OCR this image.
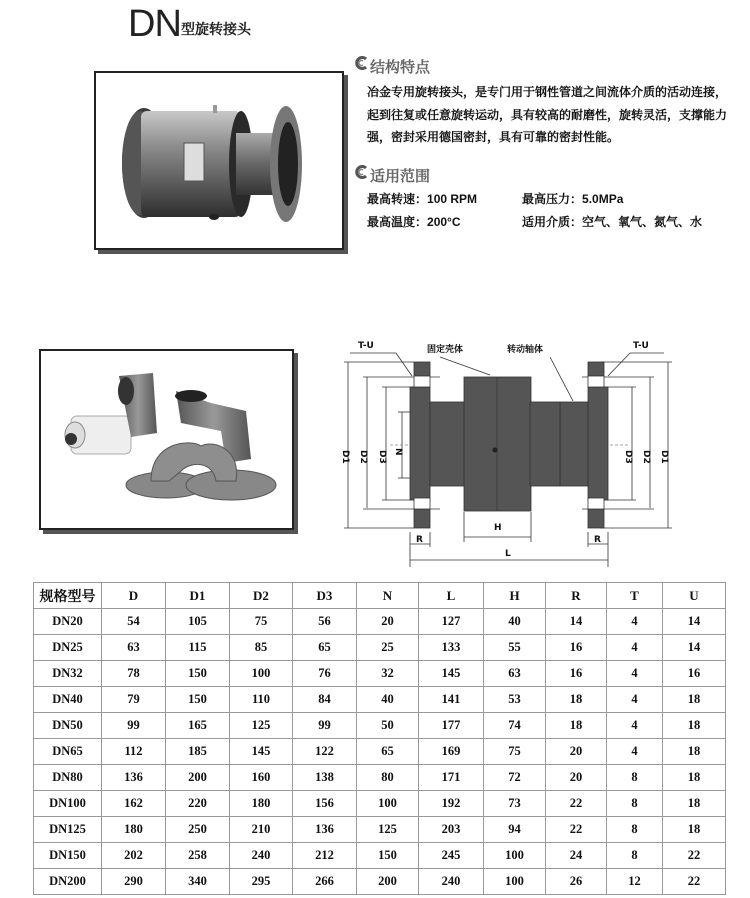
DN 型旋转接头
结构特点
冶金专用旋转接头，是专门用于钢性管道之间流体介质的活动连接，
起到往复或任意旋转运动，具有较高的耐磨性，旋转灵活，支撑能力
强，密封采用德国密封，具有可靠的密封性能。
适用范围
最高转速：100 RPM	最高压力：5.0MPa
最高温度：200°C	适用介质：空气、氧气、氮气、水
T-U	固定壳体	转动轴体	T-U
H
R	R
L
D1 D2 D3 N	D3 D2 D1
规格型号	D	D1	D2	D3	N	L	H	R	T	U
DN20	54	105	75	56	20	127	40	14	4	14
DN25	63	115	85	65	25	133	55	16	4	14
DN32	78	150	100	76	32	145	63	16	4	16
DN40	79	150	110	84	40	141	53	18	4	18
DN50	99	165	125	99	50	177	74	18	4	18
DN65	112	185	145	122	65	169	75	20	4	18
DN80	136	200	160	138	80	171	72	20	8	18
DN100	162	220	180	156	100	192	73	22	8	18
DN125	180	250	210	136	125	203	94	22	8	18
DN150	202	258	240	212	150	245	100	24	8	22
DN200	290	340	295	266	200	240	100	26	12	22
